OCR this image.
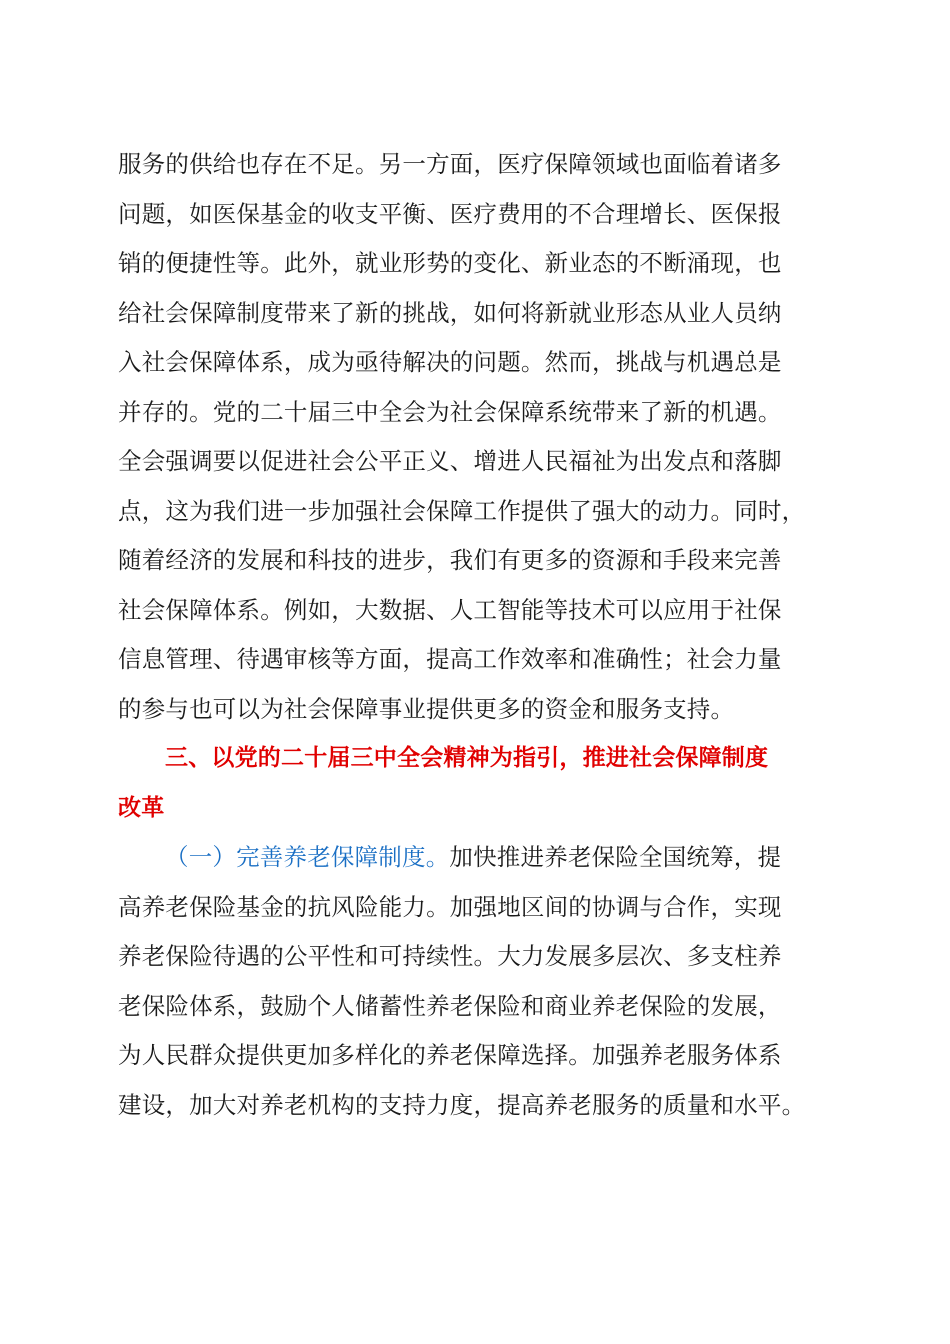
服务的供给也存在不足。另一方面，医疗保障领域也面临着诸多
问题，如医保基金的收支平衡、医疗费用的不合理增长、医保报
销的便捷性等。此外，就业形势的变化、新业态的不断涌现，也
给社会保障制度带来了新的挑战，如何将新就业形态从业人员纳
入社会保障体系，成为亟待解决的问题。然而，挑战与机遇总是
并存的。党的二十届三中全会为社会保障系统带来了新的机遇。
全会强调要以促进社会公平正义、增进人民福祉为出发点和落脚
点，这为我们进一步加强社会保障工作提供了强大的动力。同时，
随着经济的发展和科技的进步，我们有更多的资源和手段来完善
社会保障体系。例如，大数据、人工智能等技术可以应用于社保
信息管理、待遇审核等方面，提高工作效率和准确性；社会力量
的参与也可以为社会保障事业提供更多的资金和服务支持。
三、以党的二十届三中全会精神为指引，推进社会保障制度
改革
（一）完善养老保障制度。加快推进养老保险全国统筹，提
高养老保险基金的抗风险能力。加强地区间的协调与合作，实现
养老保险待遇的公平性和可持续性。大力发展多层次、多支柱养
老保险体系，鼓励个人储蓄性养老保险和商业养老保险的发展，
为人民群众提供更加多样化的养老保障选择。加强养老服务体系
建设，加大对养老机构的支持力度，提高养老服务的质量和水平。
